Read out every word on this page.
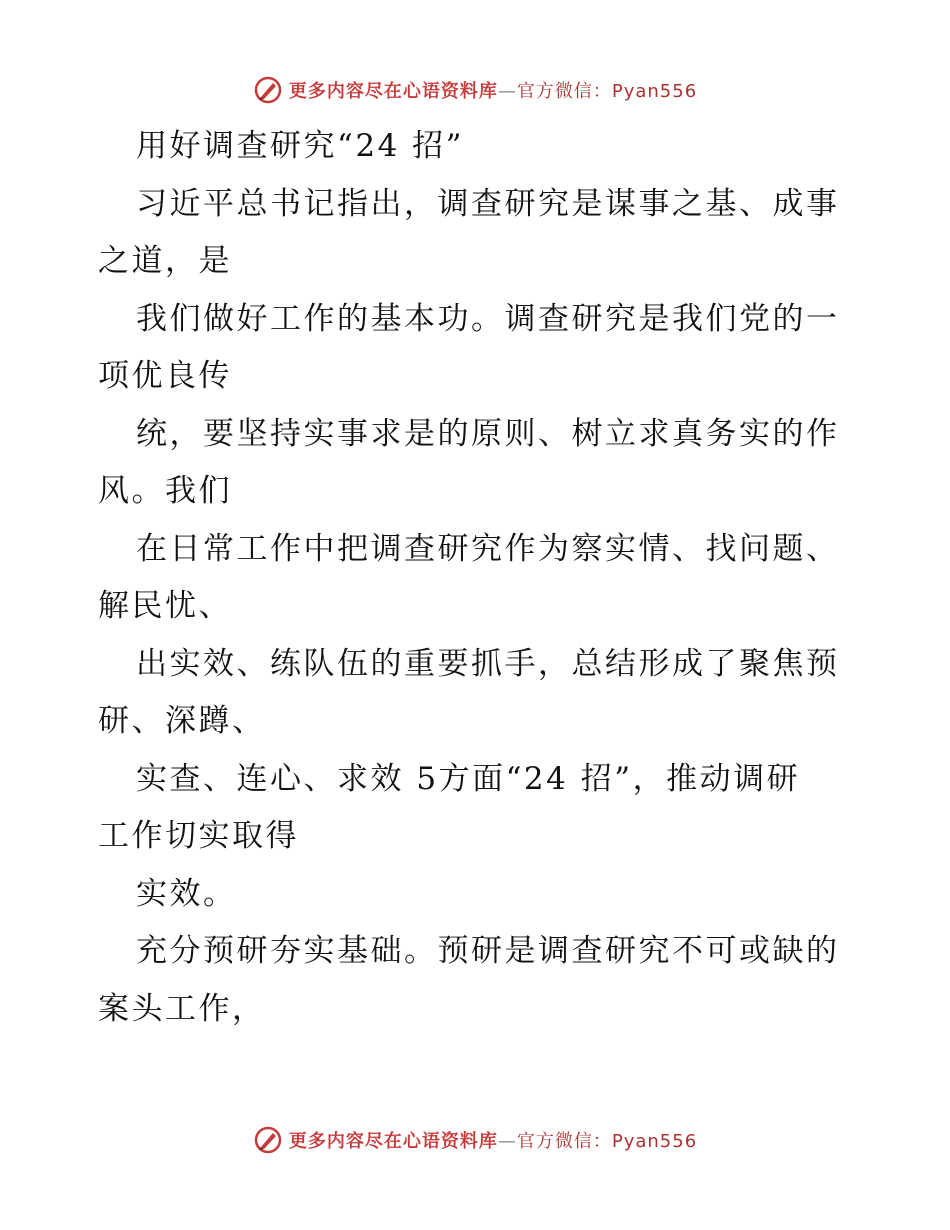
更多内容尽在心语资料库—官方微信：Pyan556
用好调查研究“24 招”
习近平总书记指出，调查研究是谋事之基、成事
之道，是
我们做好工作的基本功。调查研究是我们党的一
项优良传
统，要坚持实事求是的原则、树立求真务实的作
风。我们
在日常工作中把调查研究作为察实情、找问题、
解民忧、
出实效、练队伍的重要抓手，总结形成了聚焦预
研、深蹲、
实查、连心、求效 5方面“24 招”，推动调研
工作切实取得
实效。
充分预研夯实基础。预研是调查研究不可或缺的
案头工作，
更多内容尽在心语资料库—官方微信：Pyan556
